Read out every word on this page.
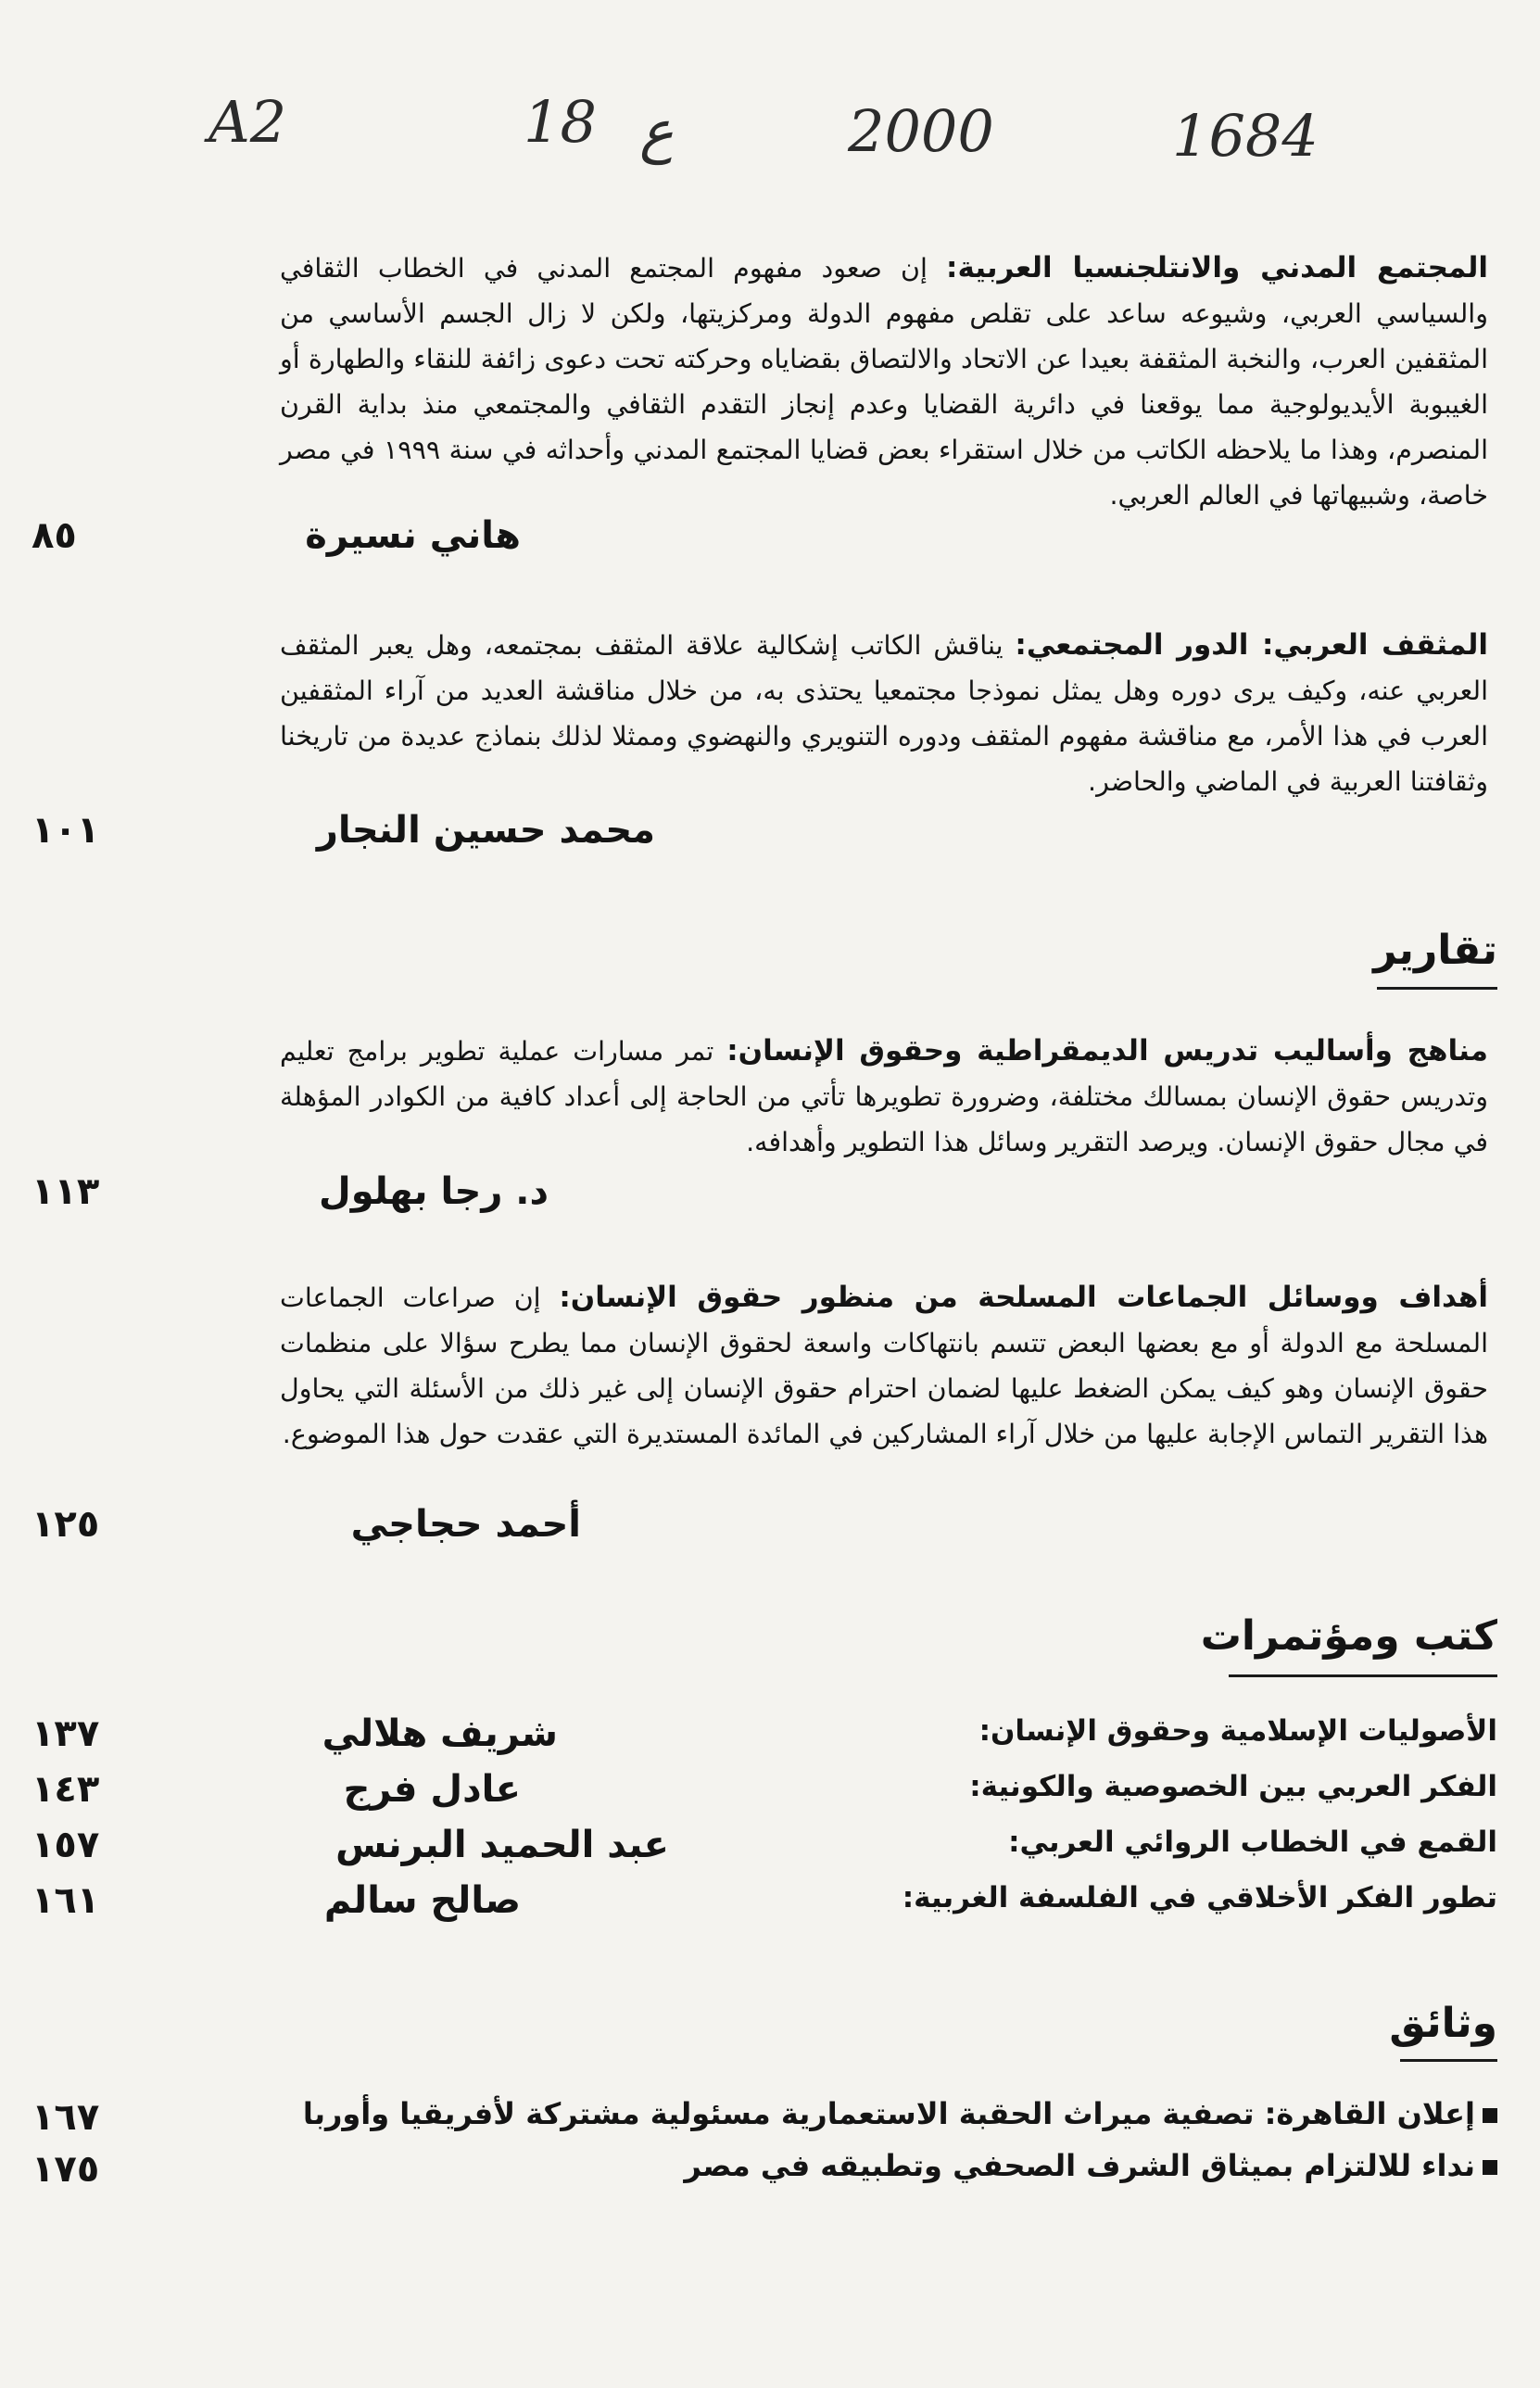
A2	18 ع	2000	1684

المجتمع المدني والانتلجنسيا العربية: إن صعود مفهوم المجتمع المدني في الخطاب الثقافي والسياسي العربي، وشيوعه ساعد على تقلص مفهوم الدولة ومركزيتها، ولكن لا زال الجسم الأساسي من المثقفين العرب، والنخبة المثقفة بعيدا عن الاتحاد والالتصاق بقضاياه وحركته تحت دعوى زائفة للنقاء والطهارة أو الغيبوبة الأيديولوجية مما يوقعنا في دائرية القضايا وعدم إنجاز التقدم الثقافي والمجتمعي منذ بداية القرن المنصرم، وهذا ما يلاحظه الكاتب من خلال استقراء بعض قضايا المجتمع المدني وأحداثه في سنة ١٩٩٩ في مصر خاصة، وشبيهاتها في العالم العربي.

هاني نسيرة
٨٥

المثقف العربي: الدور المجتمعي: يناقش الكاتب إشكالية علاقة المثقف بمجتمعه، وهل يعبر المثقف العربي عنه، وكيف يرى دوره وهل يمثل نموذجا مجتمعيا يحتذى به، من خلال مناقشة العديد من آراء المثقفين العرب في هذا الأمر، مع مناقشة مفهوم المثقف ودوره التنويري والنهضوي وممثلا لذلك بنماذج عديدة من تاريخنا وثقافتنا العربية في الماضي والحاضر.

محمد حسين النجار
١٠١
تقارير

مناهج وأساليب تدريس الديمقراطية وحقوق الإنسان: تمر مسارات عملية تطوير برامج تعليم وتدريس حقوق الإنسان بمسالك مختلفة، وضرورة تطويرها تأتي من الحاجة إلى أعداد كافية من الكوادر المؤهلة في مجال حقوق الإنسان. ويرصد التقرير وسائل هذا التطوير وأهدافه.

د. رجا بهلول
١١٣

أهداف ووسائل الجماعات المسلحة من منظور حقوق الإنسان: إن صراعات الجماعات المسلحة مع الدولة أو مع بعضها البعض تتسم بانتهاكات واسعة لحقوق الإنسان مما يطرح سؤالا على منظمات حقوق الإنسان وهو كيف يمكن الضغط عليها لضمان احترام حقوق الإنسان إلى غير ذلك من الأسئلة التي يحاول هذا التقرير التماس الإجابة عليها من خلال آراء المشاركين في المائدة المستديرة التي عقدت حول هذا الموضوع.

أحمد حجاجي
١٢٥
كتب ومؤتمرات
الأصوليات الإسلامية وحقوق الإنسان:
شريف هلالي
١٣٧
الفكر العربي بين الخصوصية والكونية:
عادل فرج
١٤٣
القمع في الخطاب الروائي العربي:
عبد الحميد البرنس
١٥٧
تطور الفكر الأخلاقي في الفلسفة الغربية:
صالح سالم
١٦١
وثائق
إعلان القاهرة: تصفية ميراث الحقبة الاستعمارية مسئولية مشتركة لأفريقيا وأوربا
١٦٧
نداء للالتزام بميثاق الشرف الصحفي وتطبيقه في مصر
١٧٥
